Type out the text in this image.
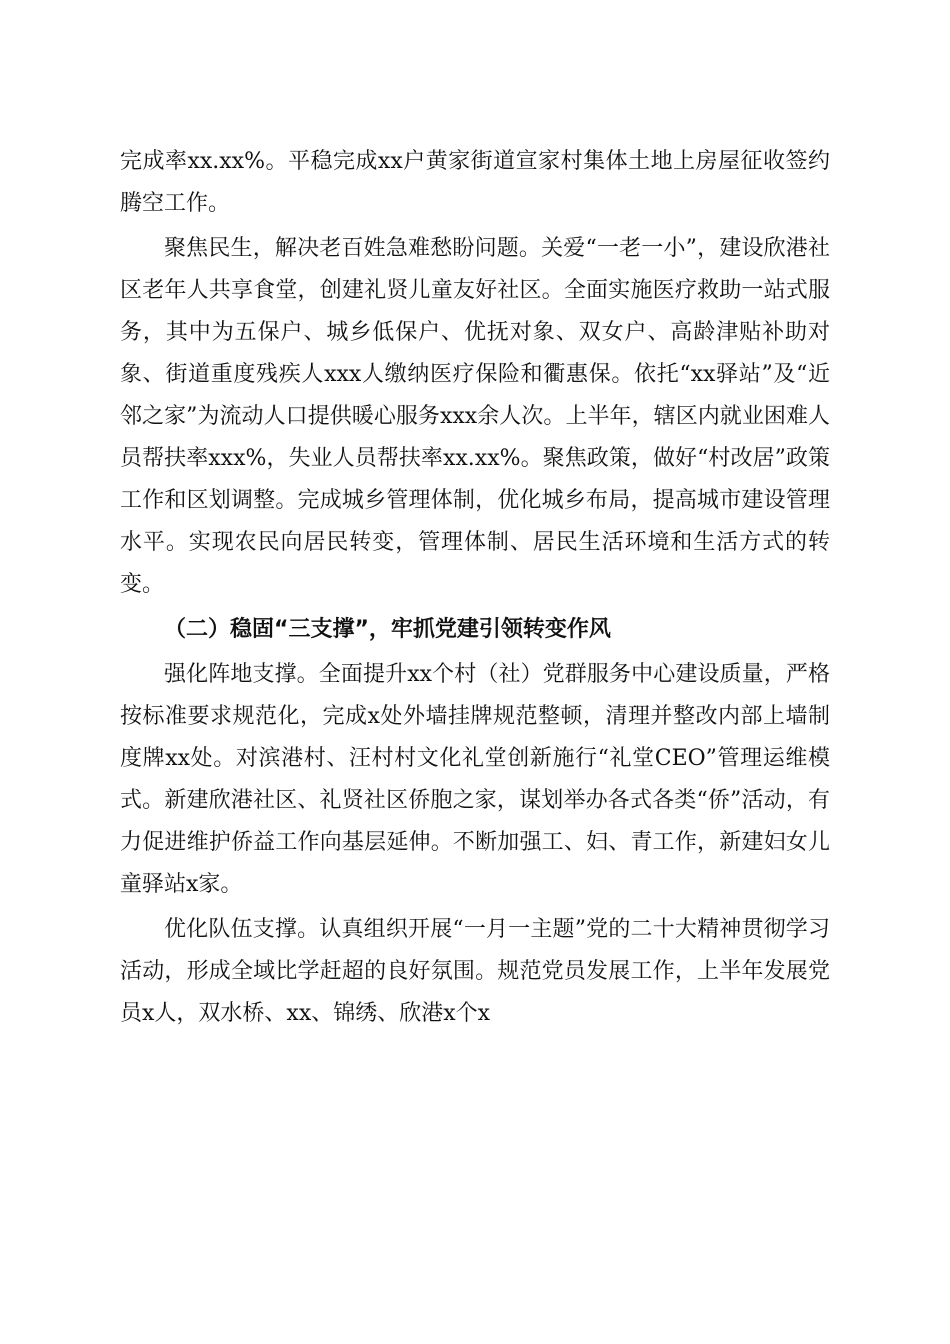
完成率xx.xx%。平稳完成xx户黄家街道宣家村集体土地上房屋征收签约腾空工作。

聚焦民生，解决老百姓急难愁盼问题。关爱“一老一小”，建设欣港社区老年人共享食堂，创建礼贤儿童友好社区。全面实施医疗救助一站式服务，其中为五保户、城乡低保户、优抚对象、双女户、高龄津贴补助对象、街道重度残疾人xxx人缴纳医疗保险和衢惠保。依托“xx驿站”及“近邻之家”为流动人口提供暖心服务xxx余人次。上半年，辖区内就业困难人员帮扶率xxx%，失业人员帮扶率xx.xx%。聚焦政策，做好“村改居”政策工作和区划调整。完成城乡管理体制，优化城乡布局，提高城市建设管理水平。实现农民向居民转变，管理体制、居民生活环境和生活方式的转变。

（二）稳固“三支撑”，牢抓党建引领转变作风

强化阵地支撑。全面提升xx个村（社）党群服务中心建设质量，严格按标准要求规范化，完成x处外墙挂牌规范整顿，清理并整改内部上墙制度牌xx处。对滨港村、汪村村文化礼堂创新施行“礼堂CEO”管理运维模式。新建欣港社区、礼贤社区侨胞之家，谋划举办各式各类“侨”活动，有力促进维护侨益工作向基层延伸。不断加强工、妇、青工作，新建妇女儿童驿站x家。

优化队伍支撑。认真组织开展“一月一主题”党的二十大精神贯彻学习活动，形成全域比学赶超的良好氛围。规范党员发展工作，上半年发展党员x人，双水桥、xx、锦绣、欣港x个x
